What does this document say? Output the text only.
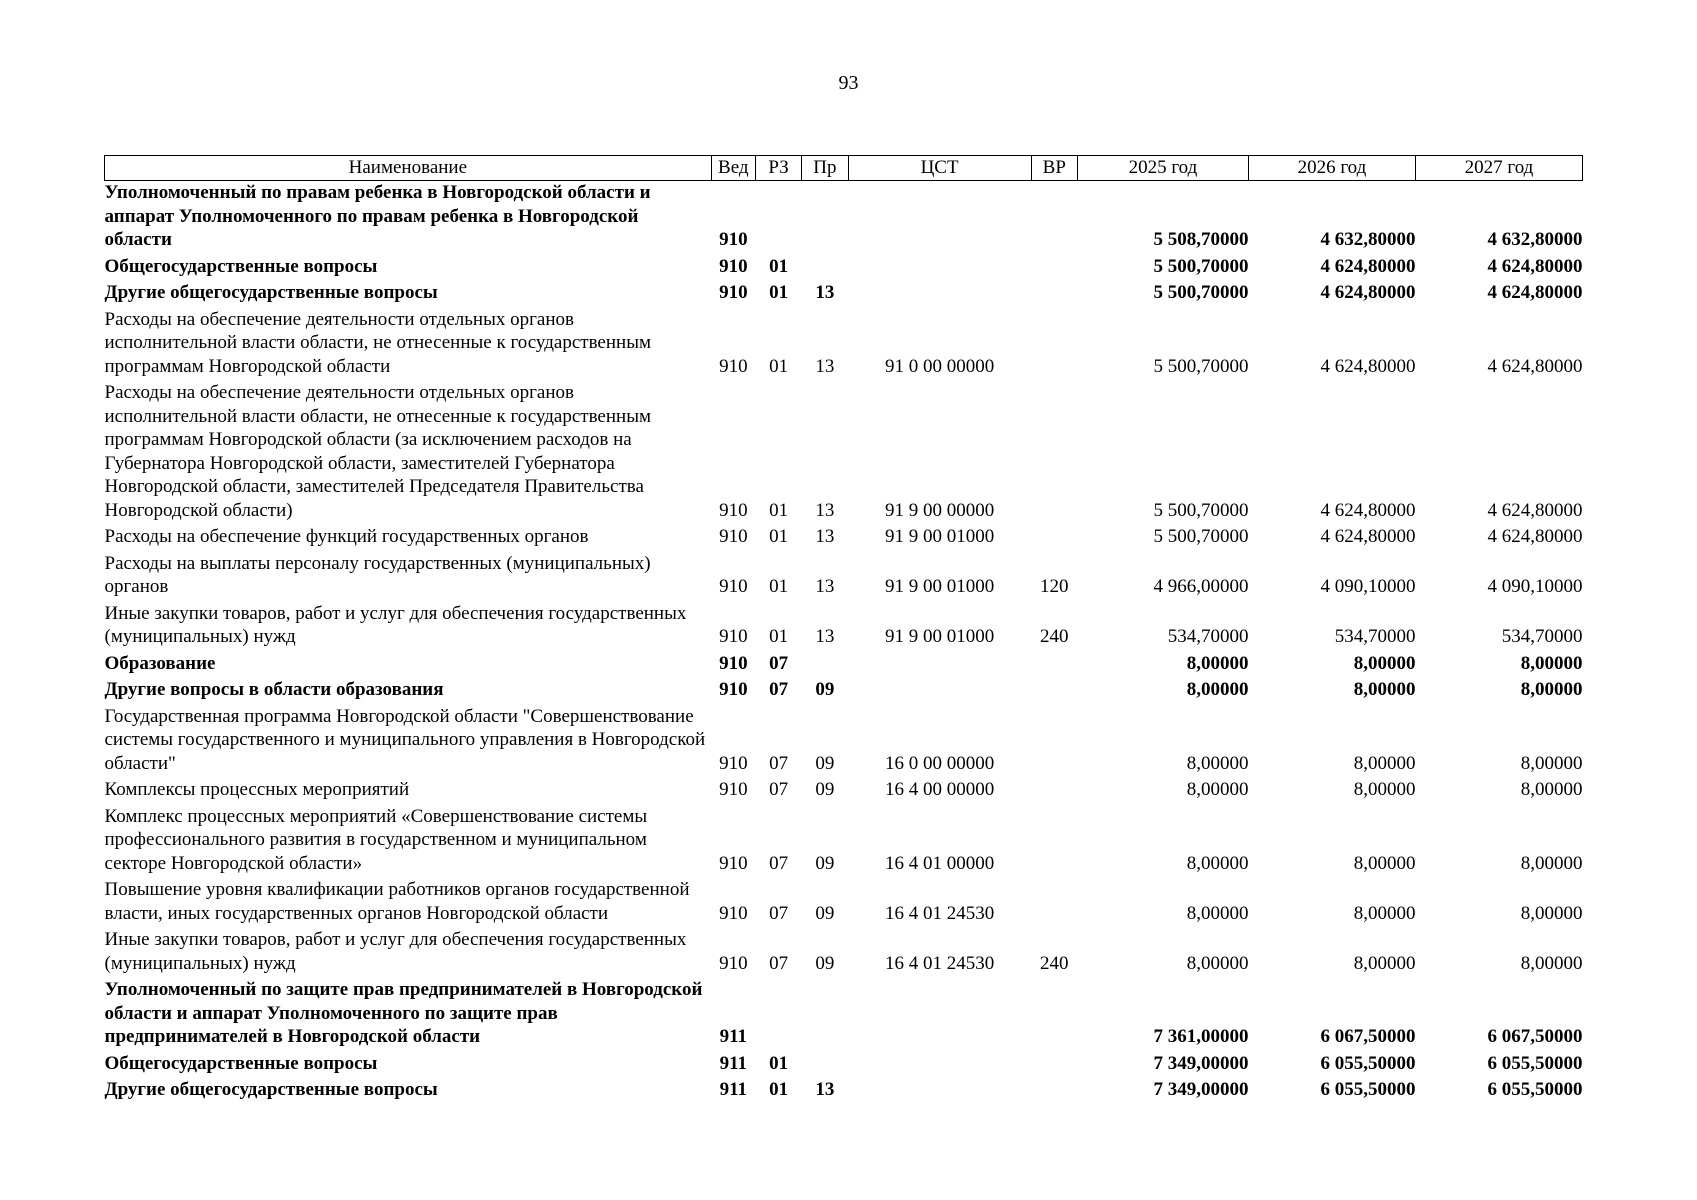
93
Наименование	Вед	РЗ	Пр	ЦСТ	ВР	2025 год	2026 год	2027 год
Уполномоченный по правам ребенка в Новгородской области и аппарат Уполномоченного по правам ребенка в Новгородской области	910					5 508,70000	4 632,80000	4 632,80000
Общегосударственные вопросы	910	01				5 500,70000	4 624,80000	4 624,80000
Другие общегосударственные вопросы	910	01	13			5 500,70000	4 624,80000	4 624,80000
Расходы на обеспечение деятельности отдельных органов исполнительной власти области, не отнесенные к государственным программам Новгородской области	910	01	13	91 0 00 00000		5 500,70000	4 624,80000	4 624,80000
Расходы на обеспечение деятельности отдельных органов исполнительной власти области, не отнесенные к государственным программам Новгородской области (за исключением расходов на Губернатора Новгородской области, заместителей Губернатора Новгородской области, заместителей Председателя Правительства Новгородской области)	910	01	13	91 9 00 00000		5 500,70000	4 624,80000	4 624,80000
Расходы на обеспечение функций государственных органов	910	01	13	91 9 00 01000		5 500,70000	4 624,80000	4 624,80000
Расходы на выплаты персоналу государственных (муниципальных) органов	910	01	13	91 9 00 01000	120	4 966,00000	4 090,10000	4 090,10000
Иные закупки товаров, работ и услуг для обеспечения государственных (муниципальных) нужд	910	01	13	91 9 00 01000	240	534,70000	534,70000	534,70000
Образование	910	07				8,00000	8,00000	8,00000
Другие вопросы в области образования	910	07	09			8,00000	8,00000	8,00000
Государственная программа Новгородской области "Совершенствование системы государственного и муниципального управления в Новгородской области"	910	07	09	16 0 00 00000		8,00000	8,00000	8,00000
Комплексы процессных мероприятий	910	07	09	16 4 00 00000		8,00000	8,00000	8,00000
Комплекс процессных мероприятий «Совершенствование системы профессионального развития в государственном и муниципальном секторе Новгородской области»	910	07	09	16 4 01 00000		8,00000	8,00000	8,00000
Повышение уровня квалификации работников органов государственной власти, иных государственных органов Новгородской области	910	07	09	16 4 01 24530		8,00000	8,00000	8,00000
Иные закупки товаров, работ и услуг для обеспечения государственных (муниципальных) нужд	910	07	09	16 4 01 24530	240	8,00000	8,00000	8,00000
Уполномоченный по защите прав предпринимателей в Новгородской области и аппарат Уполномоченного по защите прав предпринимателей в Новгородской области	911					7 361,00000	6 067,50000	6 067,50000
Общегосударственные вопросы	911	01				7 349,00000	6 055,50000	6 055,50000
Другие общегосударственные вопросы	911	01	13			7 349,00000	6 055,50000	6 055,50000
